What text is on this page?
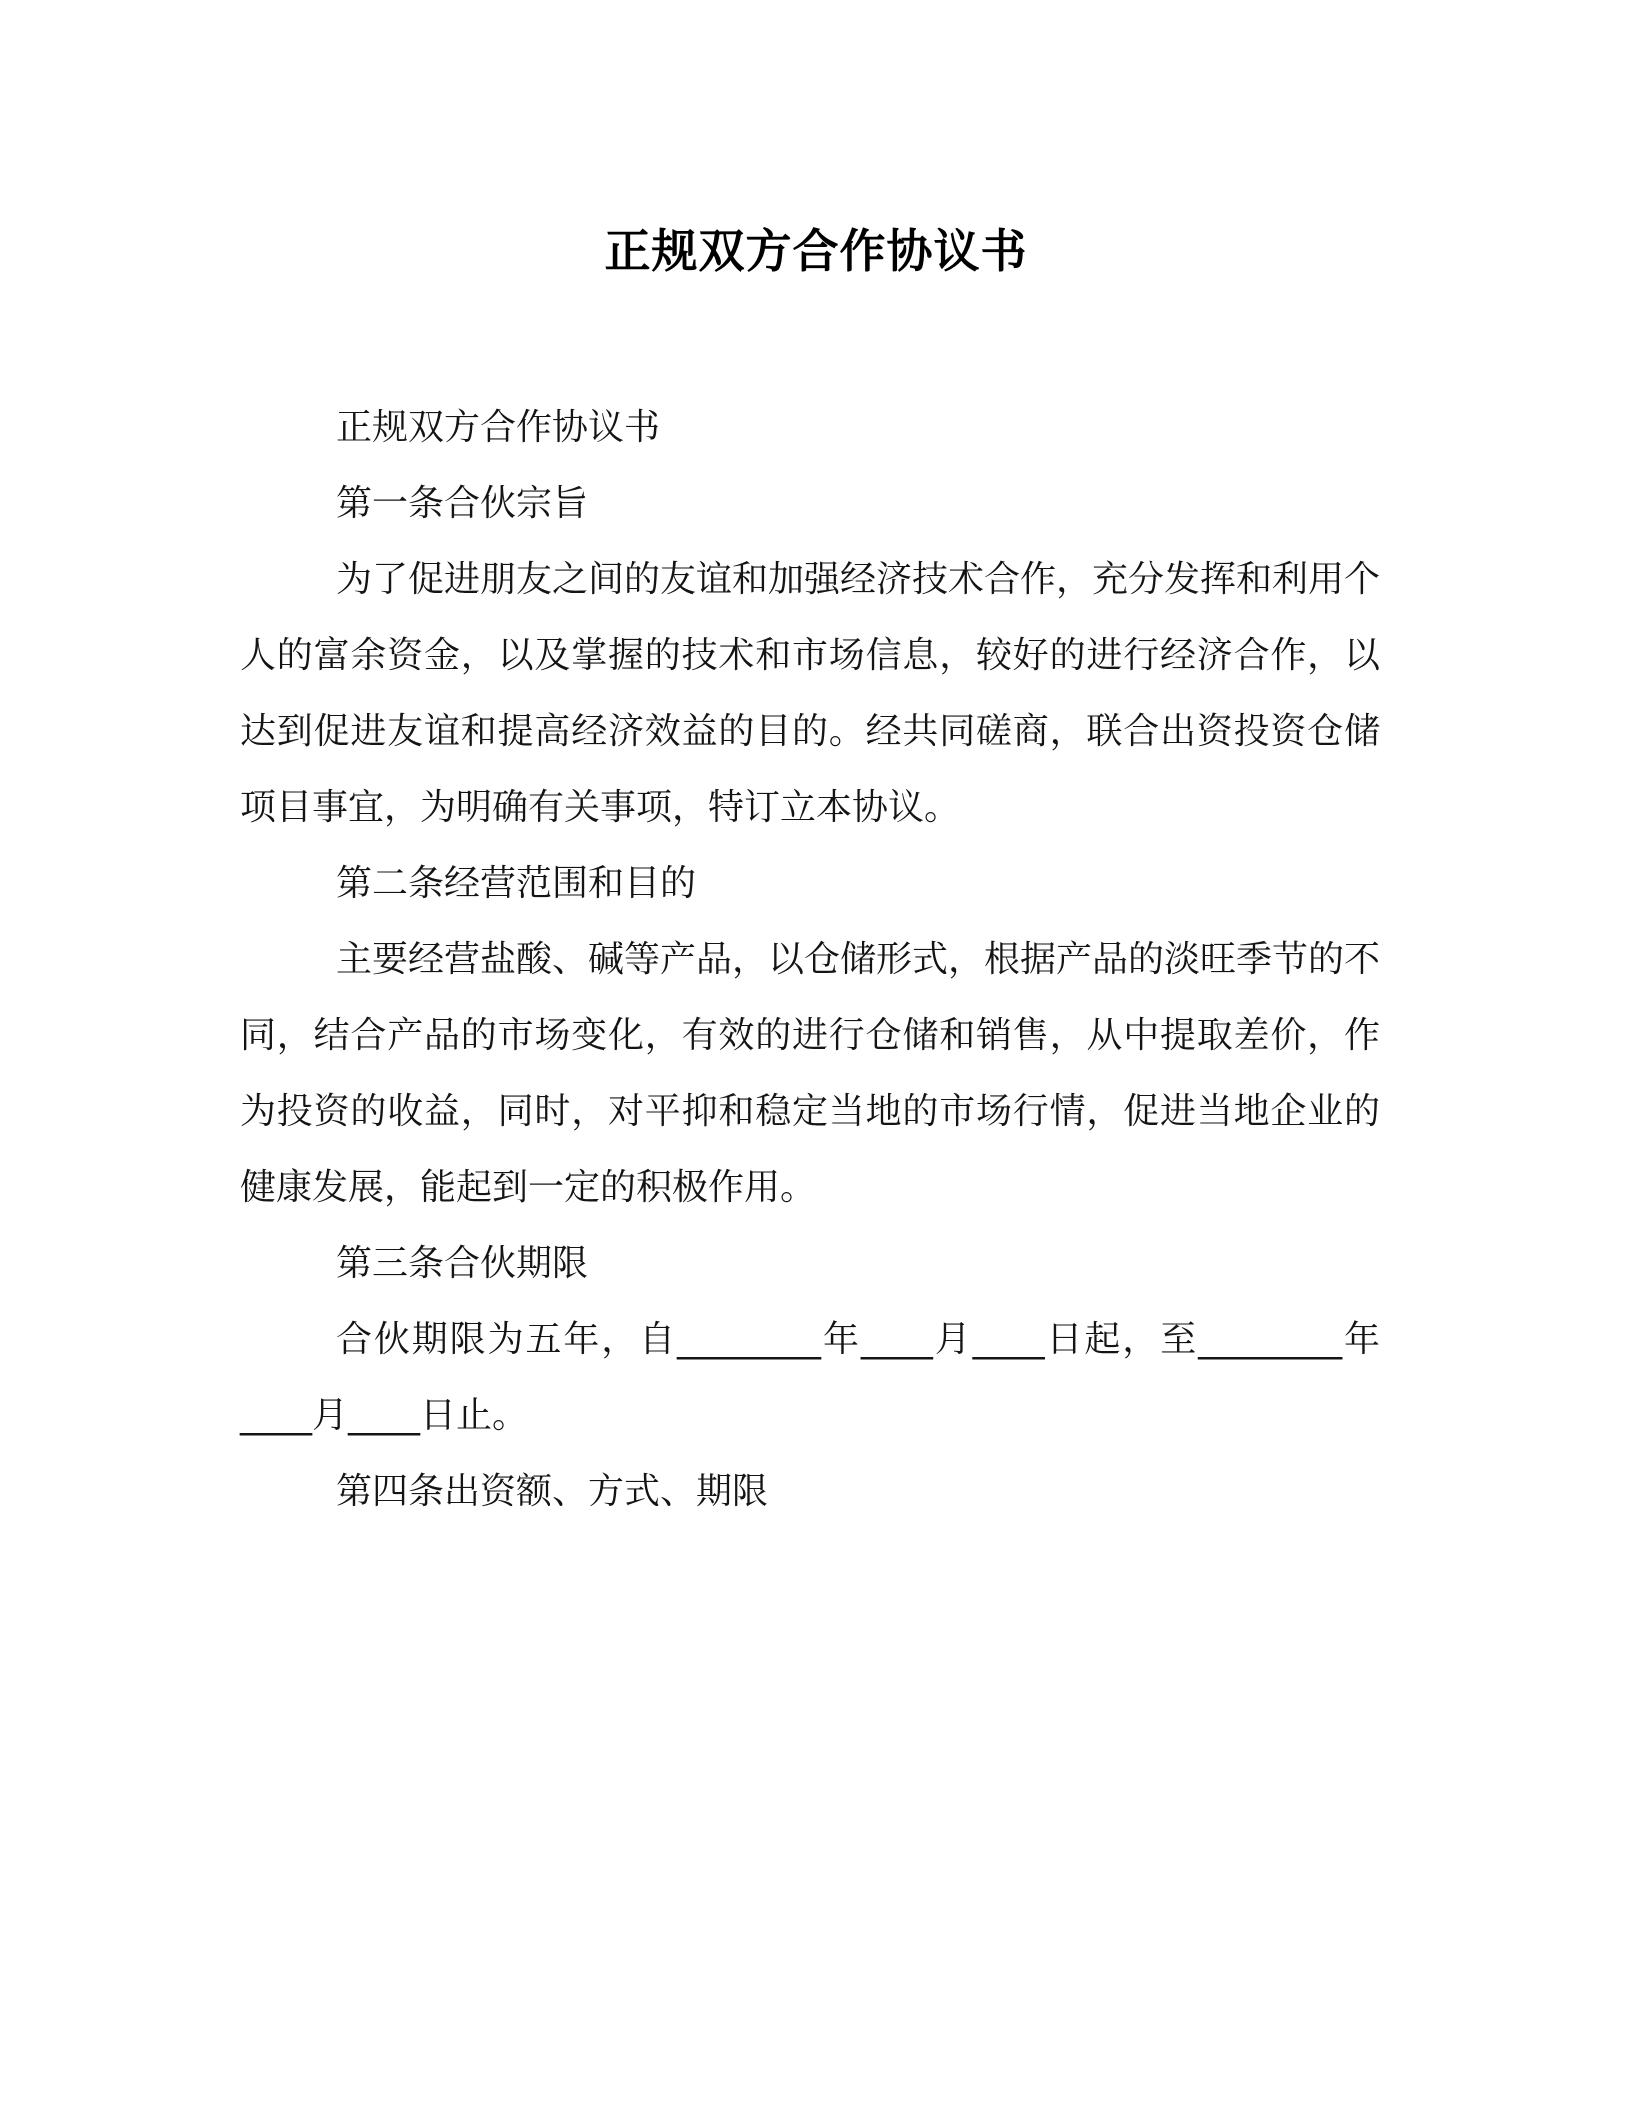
正规双方合作协议书

正规双方合作协议书

第一条合伙宗旨

为了促进朋友之间的友谊和加强经济技术合作，充分发挥和利用个人的富余资金，以及掌握的技术和市场信息，较好的进行经济合作，以达到促进友谊和提高经济效益的目的。经共同磋商，联合出资投资仓储项目事宜，为明确有关事项，特订立本协议。

第二条经营范围和目的

主要经营盐酸、碱等产品，以仓储形式，根据产品的淡旺季节的不同，结合产品的市场变化，有效的进行仓储和销售，从中提取差价，作为投资的收益，同时，对平抑和稳定当地的市场行情，促进当地企业的健康发展，能起到一定的积极作用。

第三条合伙期限

合伙期限为五年，自________年____月____日起，至________年____月____日止。

第四条出资额、方式、期限
